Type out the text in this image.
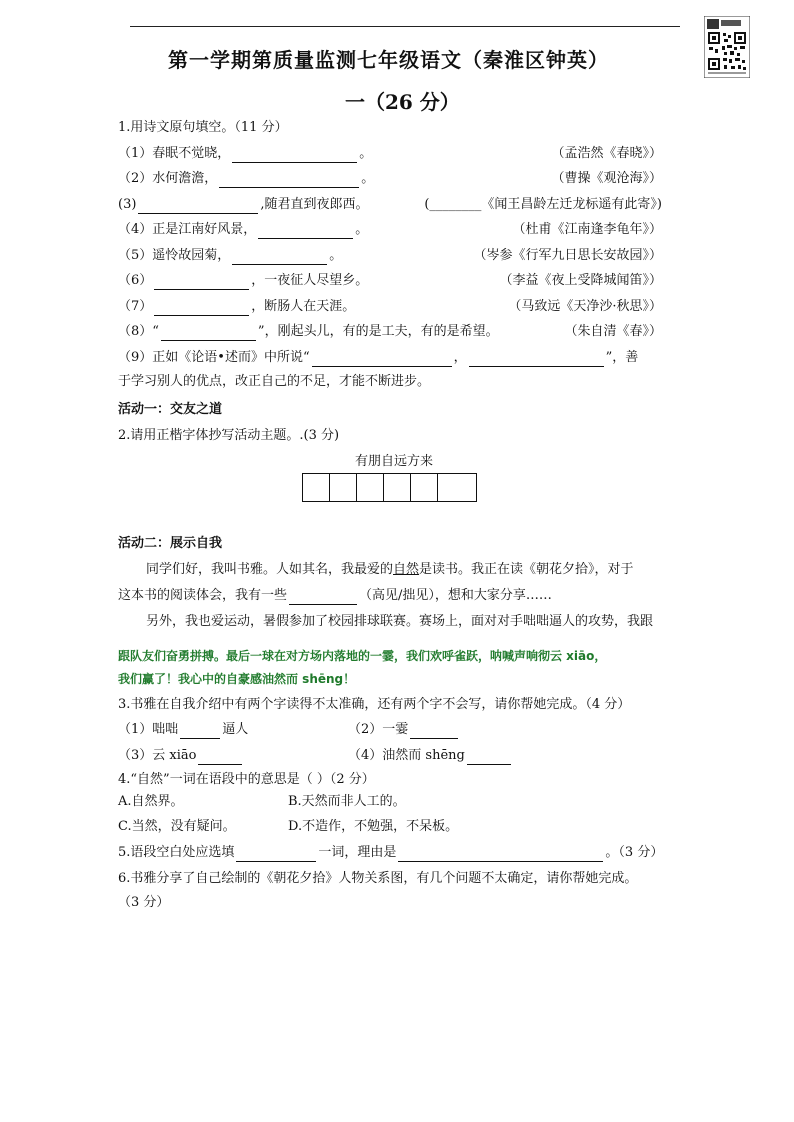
第一学期第质量监测七年级语文（秦淮区钟英）
一（26 分）
1.用诗文原句填空。（11 分）
（1）春眠不觉晓，	。	（孟浩然《春晓》）
（2）水何澹澹，	。	（曹操《观沧海》）
(3)	,随君直到夜郎西。	(________《闻王昌龄左迁龙标遥有此寄》)
（4）正是江南好风景，	。	（杜甫《江南逢李龟年》）
（5）遥怜故园菊，	。	（岑参《行军九日思长安故园》）
（6）	，一夜征人尽望乡。	（李益《夜上受降城闻笛》）
（7）	，断肠人在天涯。	（马致远《天净沙·秋思》）
（8）“	”，刚起头儿，有的是工夫，有的是希望。	（朱自清《春》）
（9）正如《论语•述而》中所说“	，	”，善
于学习别人的优点，改正自己的不足，才能不断进步。
活动一：交友之道
2.请用正楷字体抄写活动主题。.(3 分)
有朋自远方来
活动二：展示自我
同学们好，我叫书雅。人如其名，我最爱的自然是读书。我正在读《朝花夕拾》，对于
这本书的阅读体会，我有一些	（高见/拙见），想和大家分享……
另外，我也爱运动，暑假参加了校园排球联赛。赛场上，面对对手咄咄逼人的攻势，我跟
跟队友们奋勇拼搏。最后一球在对方场内落地的一霎，我们欢呼雀跃，呐喊声响彻云 xiāo，
我们赢了！我心中的自豪感油然而 shēng！
3.书雅在自我介绍中有两个字读得不太准确，还有两个字不会写，请你帮她完成。（4 分）
（1）咄咄	逼人	（2）一霎
（3）云 xiāo	（4）油然而 shēng
4.“自然”一词在语段中的意思是（ ）（2 分）
A.自然界。	B.天然而非人工的。
C.当然，没有疑问。	D.不造作，不勉强，不呆板。
5.语段空白处应选填	一词，理由是	。（3 分）
6.书雅分享了自己绘制的《朝花夕拾》人物关系图，有几个问题不太确定，请你帮她完成。
（3 分）
